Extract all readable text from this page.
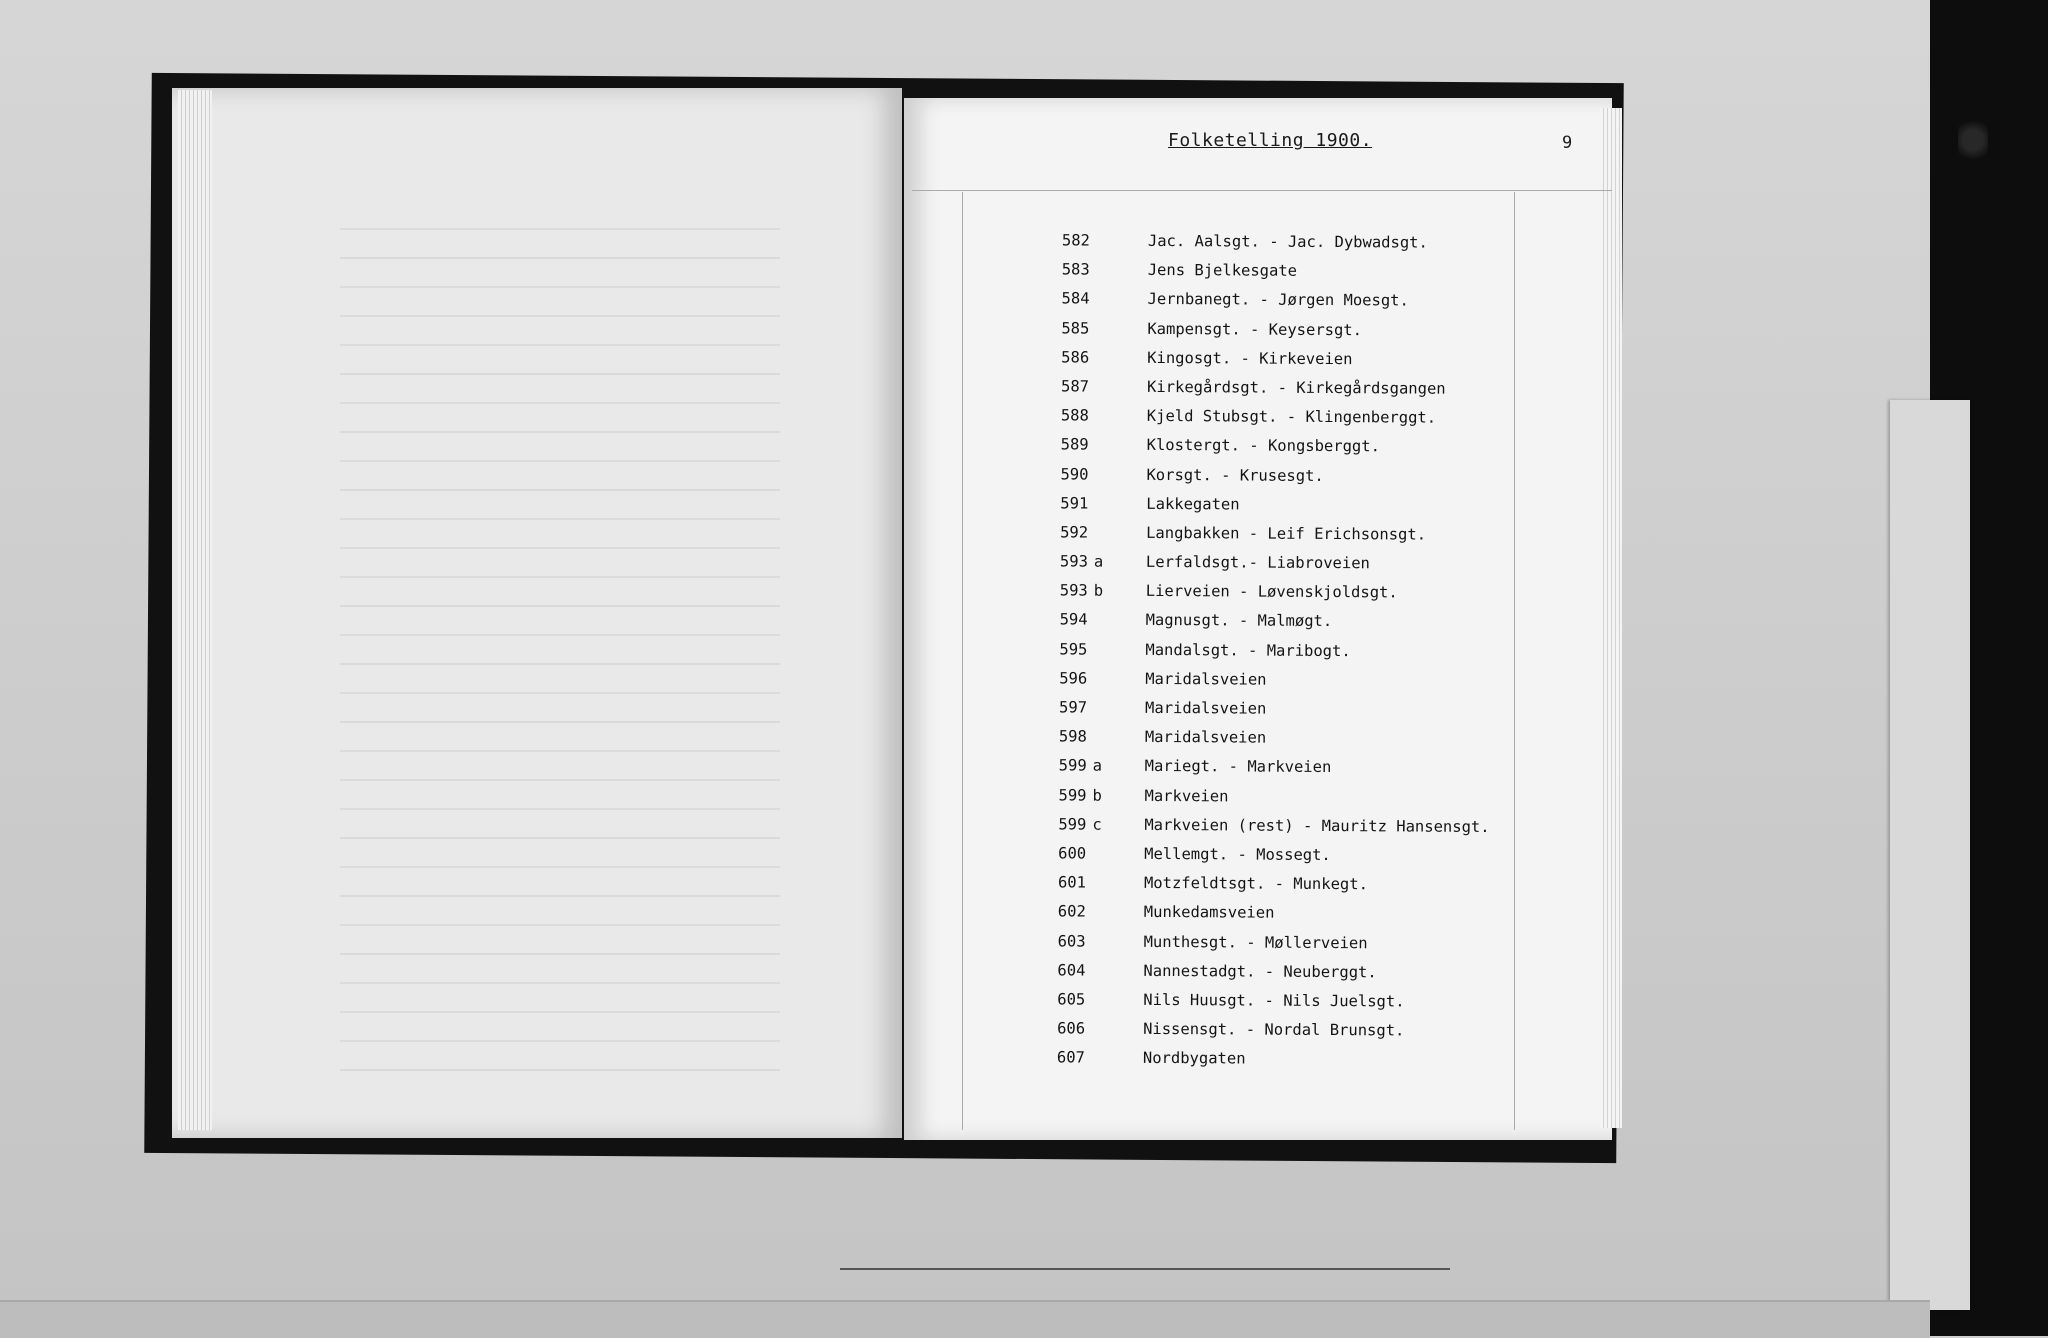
Folketelling 1900.	9
582	Jac. Aalsgt. - Jac. Dybwadsgt.
583	Jens Bjelkesgate
584	Jernbanegt. - Jørgen Moesgt.
585	Kampensgt. - Keysersgt.
586	Kingosgt. - Kirkeveien
587	Kirkegårdsgt. - Kirkegårdsgangen
588	Kjeld Stubsgt. - Klingenberggt.
589	Klostergt. - Kongsberggt.
590	Korsgt. - Krusesgt.
591	Lakkegaten
592	Langbakken - Leif Erichsonsgt.
593 a	Lerfaldsgt.- Liabroveien
593 b	Lierveien - Løvenskjoldsgt.
594	Magnusgt. - Malmøgt.
595	Mandalsgt. - Maribogt.
596	Maridalsveien
597	Maridalsveien
598	Maridalsveien
599 a	Mariegt. - Markveien
599 b	Markveien
599 c	Markveien (rest) - Mauritz Hansensgt.
600	Mellemgt. - Mossegt.
601	Motzfeldtsgt. - Munkegt.
602	Munkedamsveien
603	Munthesgt. - Møllerveien
604	Nannestadgt. - Neuberggt.
605	Nils Huusgt. - Nils Juelsgt.
606	Nissensgt. - Nordal Brunsgt.
607	Nordbygaten
